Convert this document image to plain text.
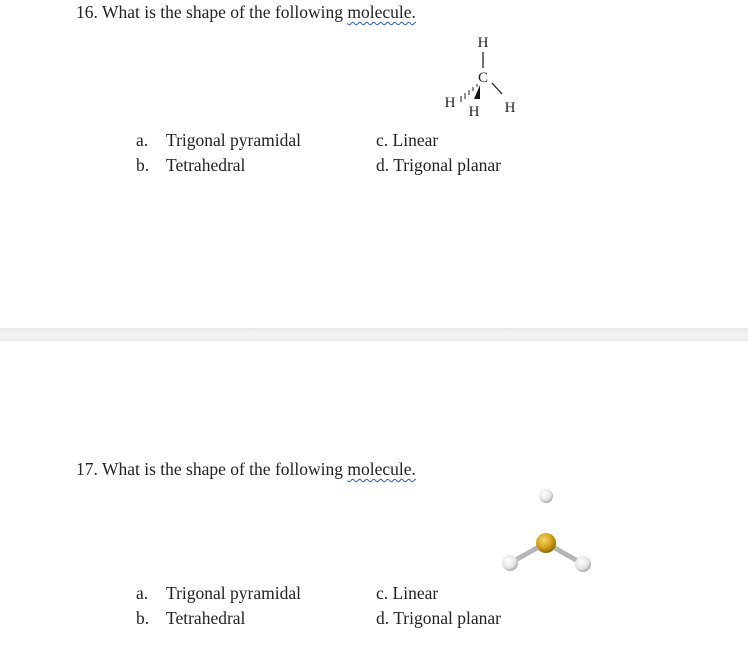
16. What is the shape of the following molecule.
H
C
H
H H
a. Trigonal pyramidal
b. Tetrahedral
c. Linear
d. Trigonal planar
17. What is the shape of the following molecule.
a. Trigonal pyramidal
b. Tetrahedral
c. Linear
d. Trigonal planar
